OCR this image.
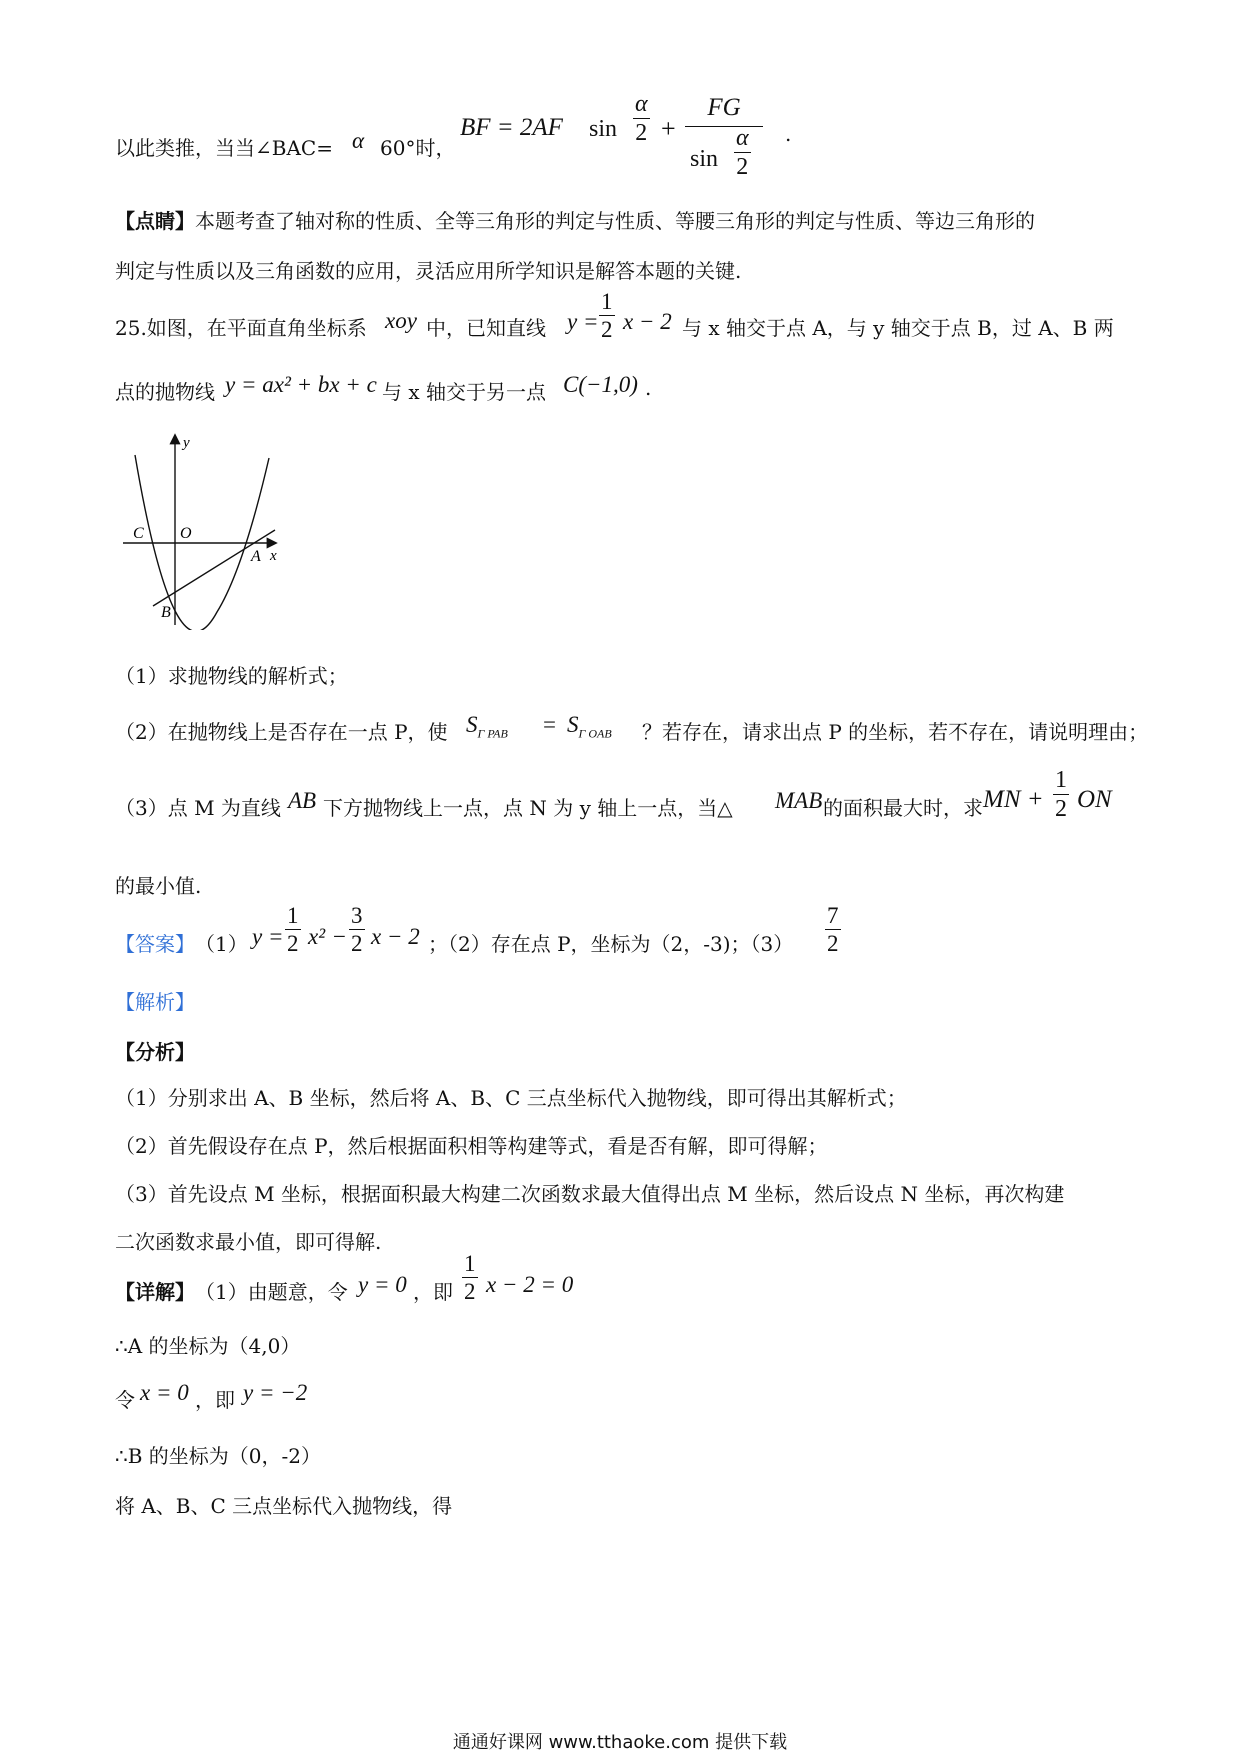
以此类推，当当∠BAC= α 60°时，
BF = 2AF $\sin \frac{\alpha}{2}$ +
FG
$\sin \frac{\alpha}{2}$ .
【点睛】本题考查了轴对称的性质、全等三角形的判定与性质、等腰三角形的判定与性质、等边三角形的
判定与性质以及三角函数的应用，灵活应用所学知识是解答本题的关键.
25.如图，在平面直角坐标系 xoy 中，已知直线 $y = \frac{1}{2}$ x − 2 与 x 轴交于点 A，与 y 轴交于点 B，过 A、B 两
点的抛物线 y = ax² + bx + c 与 x 轴交于另一点 C(−1,0) .
y
x
C O
A
B
（1）求抛物线的解析式；
（2）在抛物线上是否存在一点 P，使 $S_{\Gamma PAB} = S_{\Gamma OAB}$ ？若存在，请求出点 P 的坐标，若不存在，请说明理由；
（3）点 M 为直线 AB 下方抛物线上一点，点 N 为 y 轴上一点，当△ MAB 的面积最大时，求 MN + $\frac{1}{2}$ ON
的最小值.
【答案】 （1） $y = \frac{1}{2} x^2 - \frac{3}{2}$ x − 2 ；（2）存在点 P，坐标为（2，-3)；$(3) \frac{7}{2}$
【解析】
【分析】
（1）分别求出 A、B 坐标，然后将 A、B、C 三点坐标代入抛物线，即可得出其解析式；
（2）首先假设存在点 P，然后根据面积相等构建等式，看是否有解，即可得解；
（3）首先设点 M 坐标，根据面积最大构建二次函数求最大值得出点 M 坐标，然后设点 N 坐标，再次构建
二次函数求最小值，即可得解.
【详解】 （1）由题意，令 y = 0 ，即 $\frac{1}{2}$ x − 2 = 0
∴A 的坐标为（4,0）
令 x = 0 ，即 y = −2
∴B 的坐标为（0，-2）
将 A、B、C 三点坐标代入抛物线，得
通通好课网 www.tthaoke.com 提供下载
